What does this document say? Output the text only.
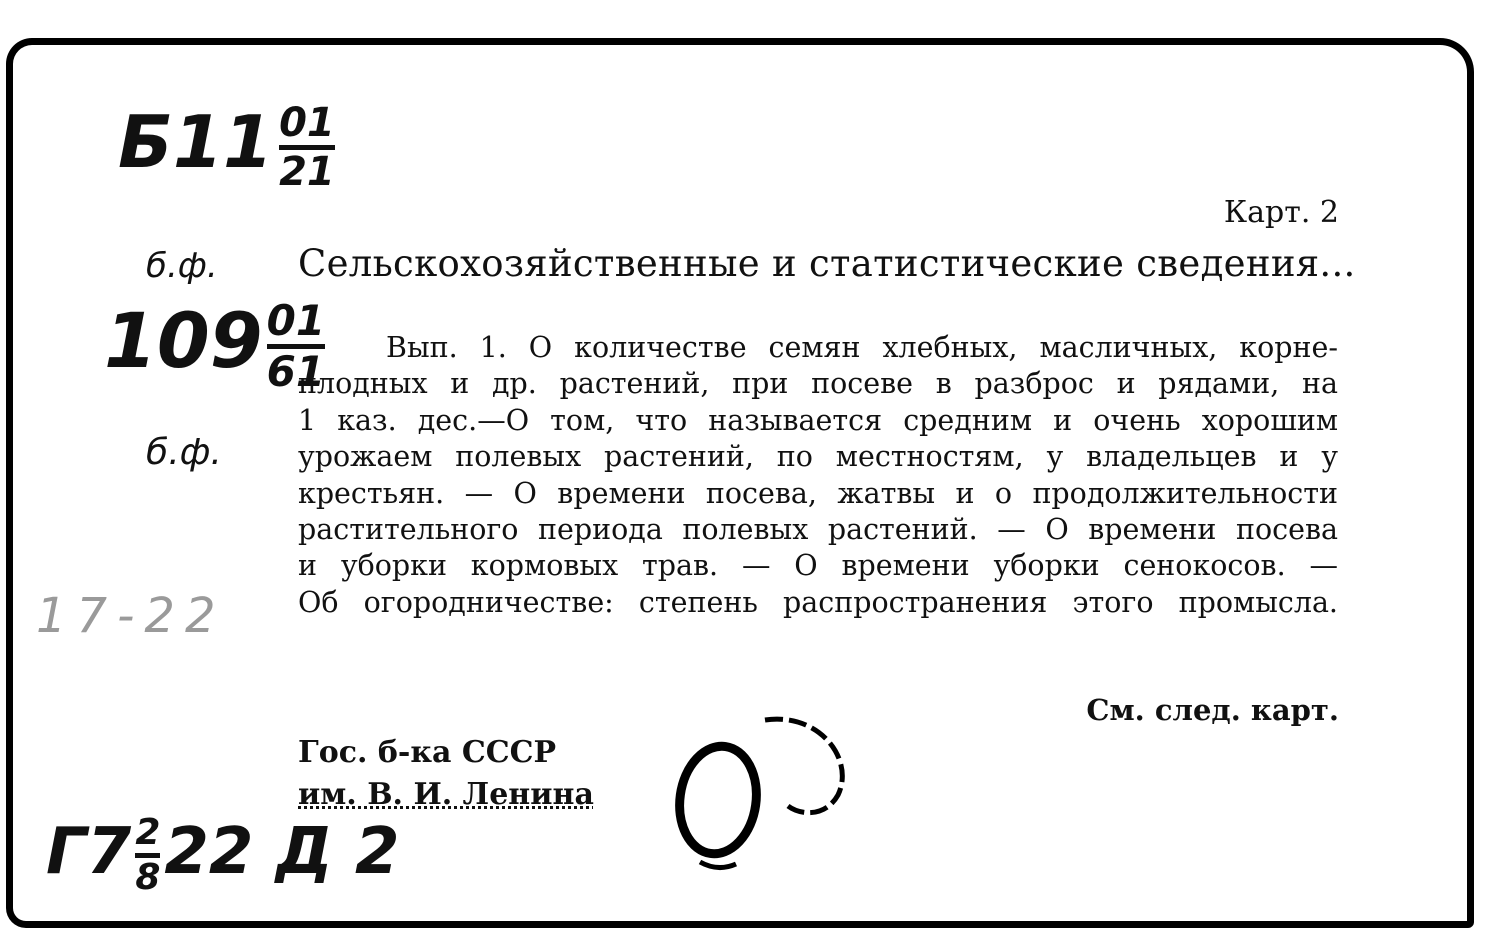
Б11 01
21
б.ф.
109 01
61
б.ф.
17-22
Г7 2
8 22 Д 2
Карт. 2
Сельскохозяйственные и статистические сведения...
Вып. 1. О количестве семян хлебных, масличных, корне-
плодных и др. растений, при посеве в разброс и рядами, на
1 каз. дес.—О том, что называется средним и очень хорошим
урожаем полевых растений, по местностям, у владельцев и у
крестьян. — О времени посева, жатвы и о продолжительности
растительного периода полевых растений. — О времени посева
и уборки кормовых трав. — О времени уборки сенокосов. —
Об огородничестве: степень распространения этого промысла.
См. след. карт.
Гос. б-ка СССР
им. В. И. Ленина
